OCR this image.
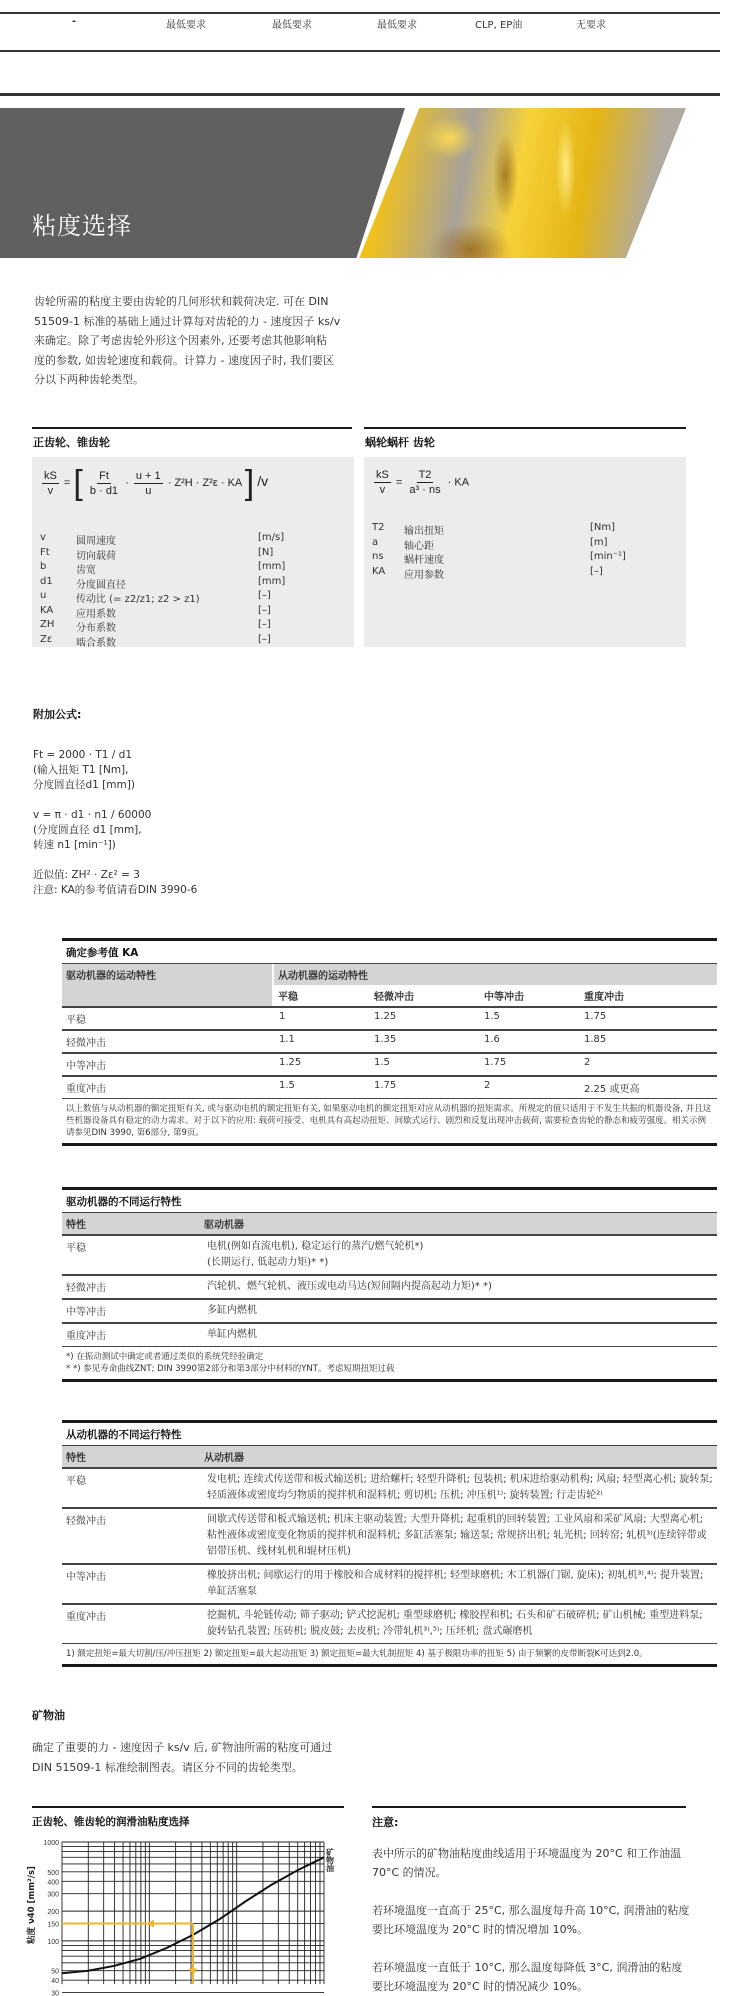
-	最低要求	最低要求	最低要求	CLP, EP油	无要求
粘度选择
齿轮所需的粘度主要由齿轮的几何形状和载荷决定. 可在 DIN
51509-1 标准的基础上通过计算每对齿轮的力 - 速度因子 ks/v
来确定。除了考虑齿轮外形这个因素外, 还要考虑其他影响粘
度的参数, 如齿轮速度和载荷。计算力 - 速度因子时, 我们要区
分以下两种齿轮类型。
正齿轮、锥齿轮
$\frac{kS}{v}$ = [ $\frac{Ft}{b \cdot d1} \cdot \frac{u + 1}{u} \cdot Z^2H \cdot Z^2\varepsilon$ · KA ] /v
v	圆周速度	[m/s]
Ft	切向载荷	[N]
b	齿宽	[mm]
d1 分度圆直径	[mm]
u	传动比 (= z2/z1; z2 > z1)	[–]
KA 应用系数	[–]
ZH 分布系数	[–]
Zε 啮合系数	[–]
蜗轮蜗杆 齿轮
$\frac{kS}{v} = \frac{T2}{\text{a³ · ns}}$ · KA
T2 输出扭矩	[Nm]
a	轴心距	[m]
ns 蜗杆速度	[min⁻¹]
KA 应用参数	[–]
附加公式:
Ft = 2000 · T1 / d1
(输入扭矩 T1 [Nm],
分度圆直径d1 [mm])
v = π · d1 · n1 / 60000
(分度圆直径 d1 [mm],
转速 n1 [min⁻¹])
近似值: ZH² · Zε² = 3
注意: KA的参考值请看DIN 3990-6
确定参考值 KA
驱动机器的运动特性	从动机器的运动特性
平稳	轻微冲击	中等冲击	重度冲击
平稳	1	1.25	1.5	1.75
轻微冲击	1.1	1.35	1.6	1.85
中等冲击	1.25	1.5	1.75	2
重度冲击	1.5	1.75	2	2.25 或更高
以上数值与从动机器的额定扭矩有关, 或与驱动电机的额定扭矩有关, 如果驱动电机的额定扭矩对应从动机器的扭矩需求。所规定的值只适用于不发生共振的机器设备, 并且这些机器设备具有稳定的动力需求。对于以下的应用: 载荷可接受、电机具有高起动扭矩、间歇式运行、剧烈和反复出现冲击载荷, 需要检查齿轮的静态和疲劳强度。相关示例请参见DIN 3990, 第6部分, 第9页。
驱动机器的不同运行特性
特性	驱动机器
平稳	电机(例如直流电机), 稳定运行的蒸汽/燃气轮机*)
(长期运行, 低起动力矩)* *)
轻微冲击	汽轮机、燃气轮机、液压或电动马达(短间隔内提高起动力矩)* *)
中等冲击	多缸内燃机
重度冲击	单缸内燃机
*) 在振动测试中确定或者通过类似的系统凭经验确定
* *) 参见寿命曲线ZNT; DIN 3990第2部分和第3部分中材料的YNT。考虑短期扭矩过载
从动机器的不同运行特性
特性	从动机器
平稳	发电机; 连续式传送带和板式输送机; 进给螺杆; 轻型升降机; 包装机; 机床进给驱动机构; 风扇; 轻型离心机; 旋转泵; 轻质液体或密度均匀物质的搅拌机和混料机; 剪切机; 压机; 冲压机¹⁾; 旋转装置; 行走齿轮²⁾
轻微冲击	间歇式传送带和板式输送机; 机床主驱动装置; 大型升降机; 起重机的回转装置; 工业风扇和采矿风扇; 大型离心机; 粘性液体或密度变化物质的搅拌机和混料机; 多缸活塞泵; 输送泵; 常规挤出机; 轧光机; 回转窑; 轧机³⁾(连续锌带或铝带压机、线材轧机和辊材压机)
中等冲击	橡胶挤出机; 间歇运行的用于橡胶和合成材料的搅拌机; 轻型球磨机; 木工机器(门锯, 旋床); 初轧机³⁾,⁴⁾; 提升装置; 单缸活塞泵
重度冲击	挖掘机, 斗轮链传动; 筛子驱动; 铲式挖泥机; 重型球磨机; 橡胶捏和机; 石头和矿石破碎机; 矿山机械; 重型进料泵; 旋转钻孔装置; 压砖机; 脱皮鼓; 去皮机; 冷带轧机³⁾,⁵⁾; 压坯机; 盘式碾磨机
1) 额定扭矩=最大切割/压/冲压扭矩 2) 额定扭矩=最大起动扭矩 3) 额定扭矩=最大轧制扭矩 4) 基于极限功率的扭矩 5) 由于频繁的皮带断裂K可达到2.0。
矿物油
确定了重要的力 - 速度因子 ks/v 后, 矿物油所需的粘度可通过
DIN 51509-1 标准绘制图表。请区分不同的齿轮类型。
正齿轮、锥齿轮的润滑油粘度选择
1000
500
400
300
200
150
100
50
40
30
粘度 ν40 [mm²/s]
矿物油
注意:
表中所示的矿物油粘度曲线适用于环境温度为 20°C 和工作油温 70°C 的情况。
若环境温度一直高于 25°C, 那么温度每升高 10°C, 润滑油的粘度要比环境温度为 20°C 时的情况增加 10%。
若环境温度一直低于 10°C, 那么温度每降低 3°C, 润滑油的粘度要比环境温度为 20°C 时的情况减少 10%。
